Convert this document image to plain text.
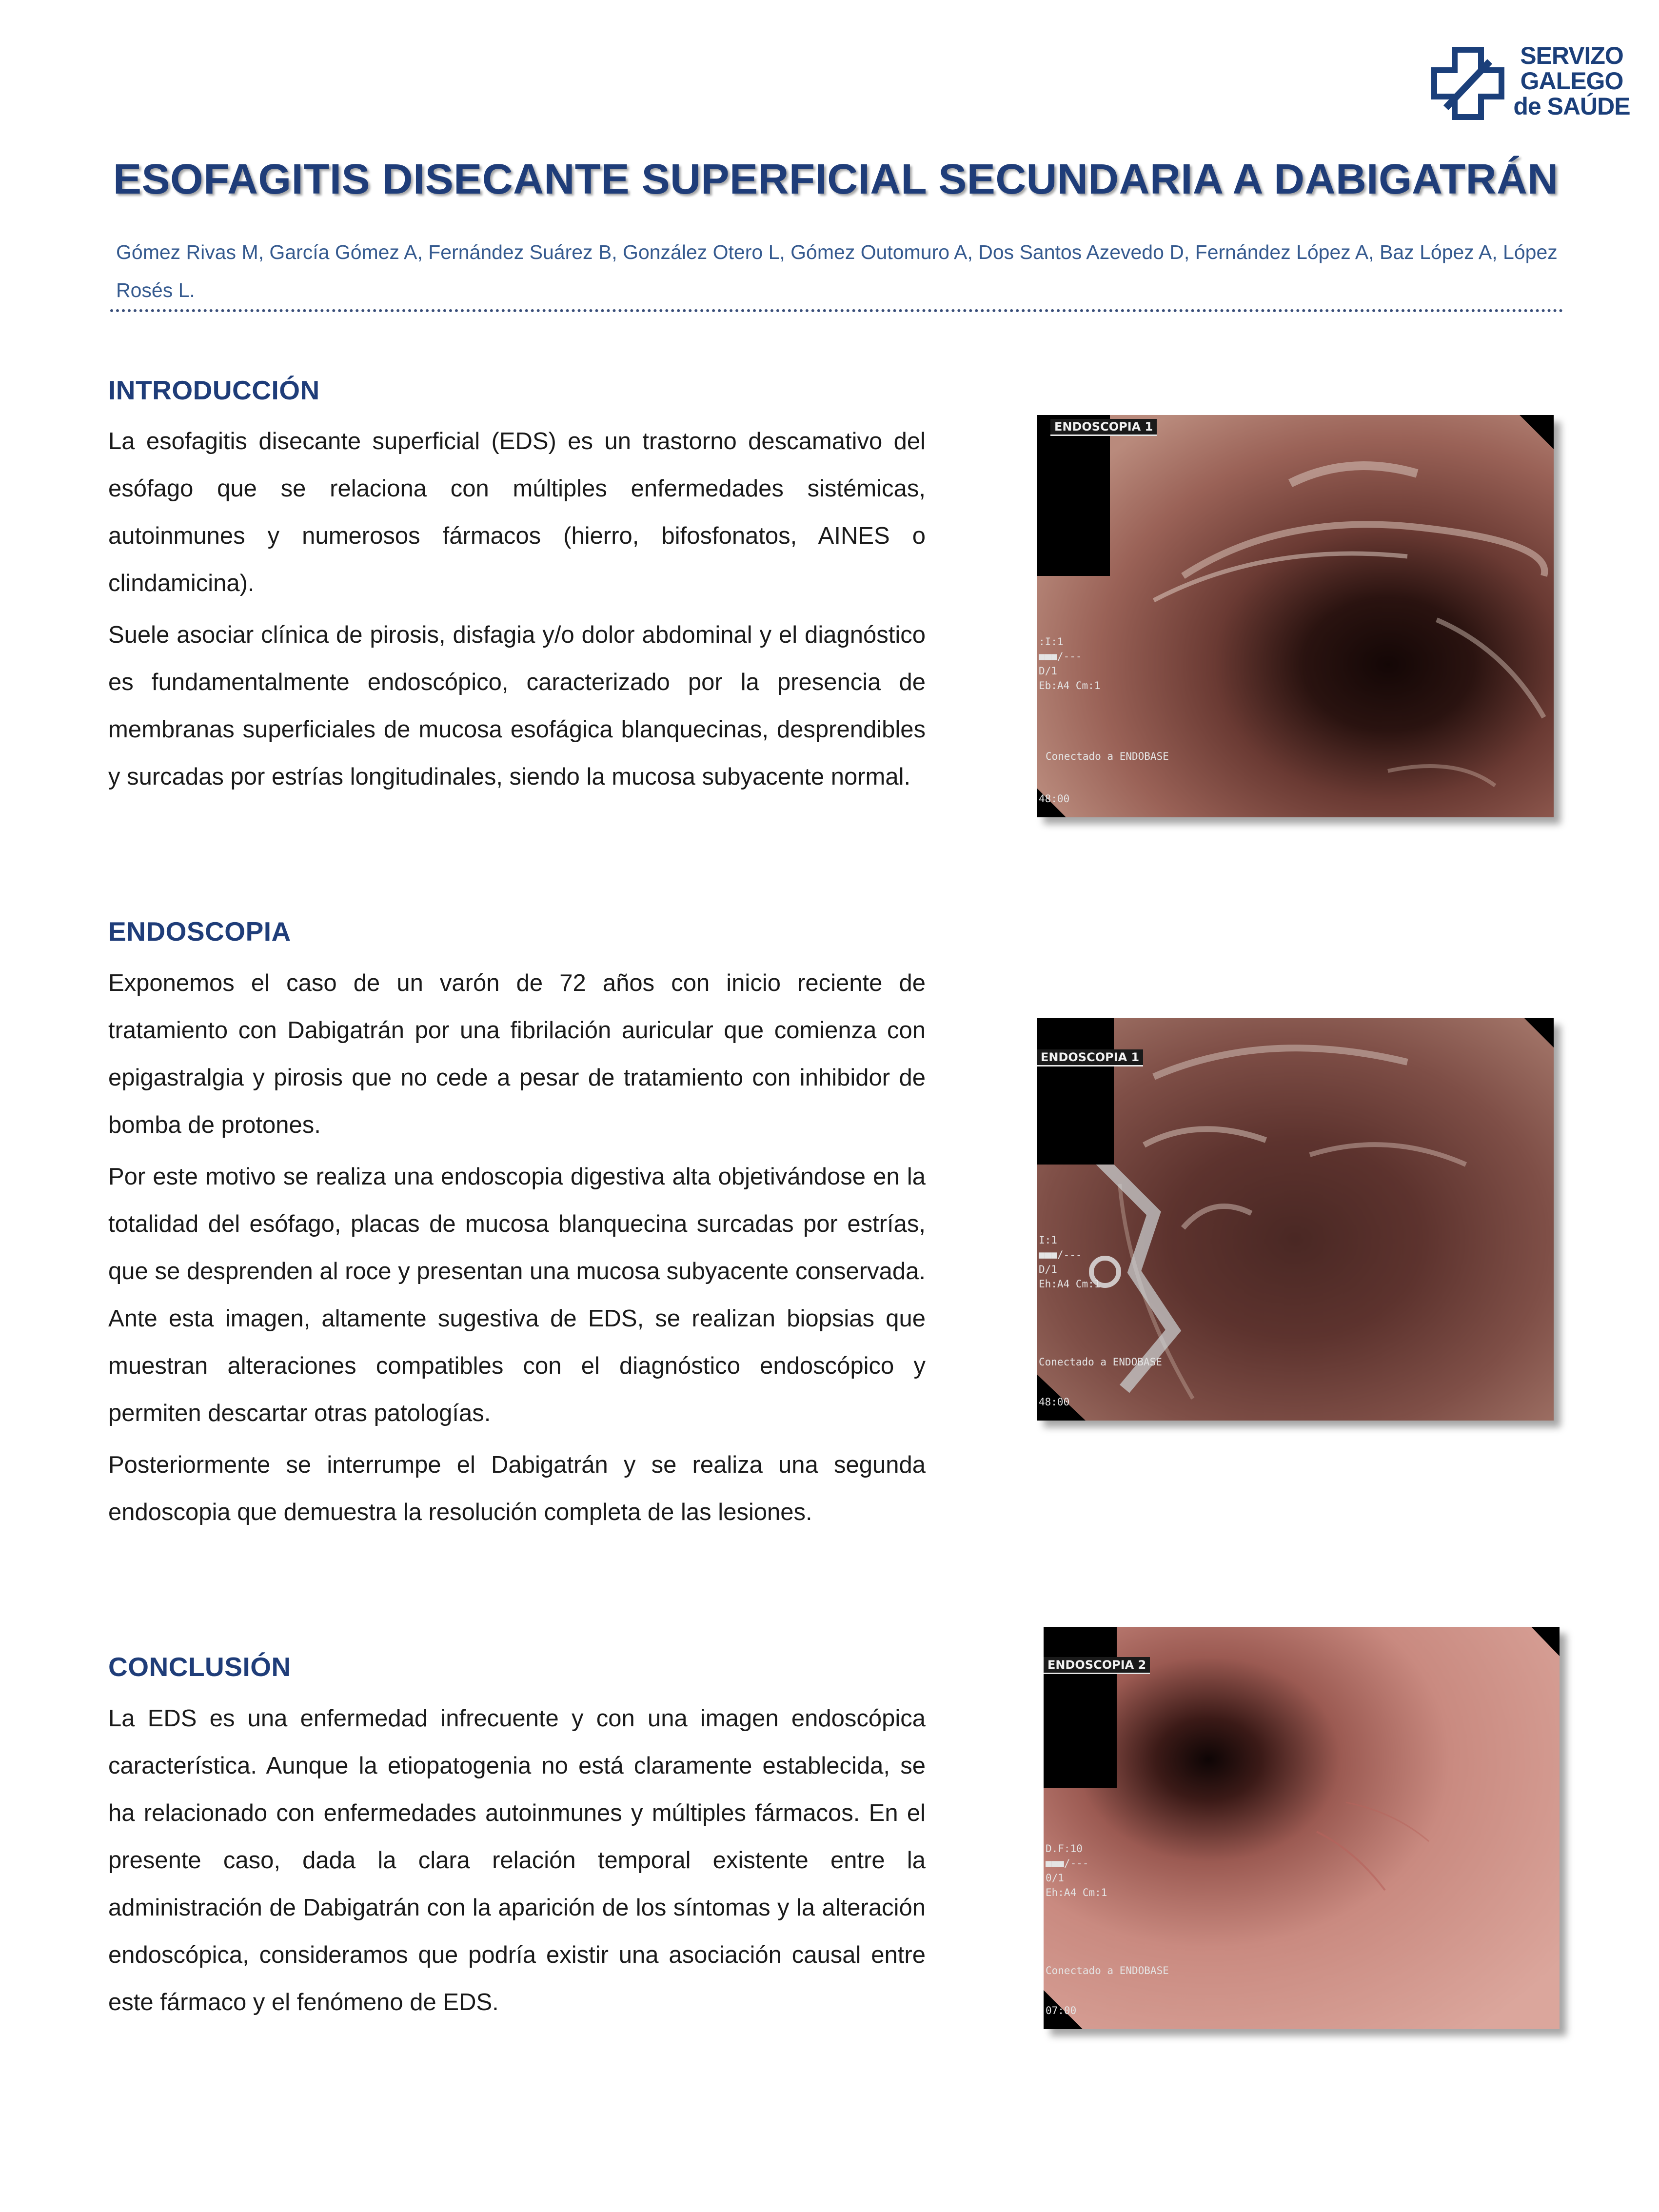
SERVIZO
GALEGO
de SAÚDE
ESOFAGITIS DISECANTE SUPERFICIAL SECUNDARIA A DABIGATRÁN
Gómez Rivas M, García Gómez A, Fernández Suárez B, González Otero L, Gómez Outomuro A, Dos Santos Azevedo D, Fernández López A, Baz López A, López Rosés L.
INTRODUCCIÓN

La esofagitis disecante superficial (EDS) es un trastorno descamativo del esófago que se relaciona con múltiples enfermedades sistémicas, autoinmunes y numerosos fármacos (hierro, bifosfonatos, AINES o clindamicina).

Suele asociar clínica de pirosis, disfagia y/o dolor abdominal y el diagnóstico es fundamentalmente endoscópico, caracterizado por la presencia de membranas superficiales de mucosa esofágica blanquecinas, desprendibles y surcadas por estrías longitudinales, siendo la mucosa subyacente normal.

ENDOSCOPIA

Exponemos el caso de un varón de 72 años con inicio reciente de tratamiento con Dabigatrán por una fibrilación auricular que comienza con epigastralgia y pirosis que no cede a pesar de tratamiento con inhibidor de bomba de protones.

Por este motivo se realiza una endoscopia digestiva alta objetivándose en la totalidad del esófago, placas de mucosa blanquecina surcadas por estrías, que se desprenden al roce y presentan una mucosa subyacente conservada. Ante esta imagen, altamente sugestiva de EDS, se realizan biopsias que muestran alteraciones compatibles con el diagnóstico endoscópico y permiten descartar otras patologías.

Posteriormente se interrumpe el Dabigatrán y se realiza una segunda endoscopia que demuestra la resolución completa de las lesiones.

CONCLUSIÓN

La EDS es una enfermedad infrecuente y con una imagen endoscópica característica. Aunque la etiopatogenia no está claramente establecida, se ha relacionado con enfermedades autoinmunes y múltiples fármacos. En el presente caso, dada la clara relación temporal existente entre la administración de Dabigatrán con la aparición de los síntomas y la alteración endoscópica, consideramos que podría existir una asociación causal entre este fármaco y el fenómeno de EDS.

ENDOSCOPIA 1
:I:1
■■■/---
D/1
Eb:A4 Cm:1
Conectado a ENDOBASE
48:00
ENDOSCOPIA 1
I:1
■■■/---
D/1
Eh:A4 Cm:1
Conectado a ENDOBASE
48:00
ENDOSCOPIA 2
D.F:10
■■■/---
0/1
Eh:A4 Cm:1
Conectado a ENDOBASE
07:00
